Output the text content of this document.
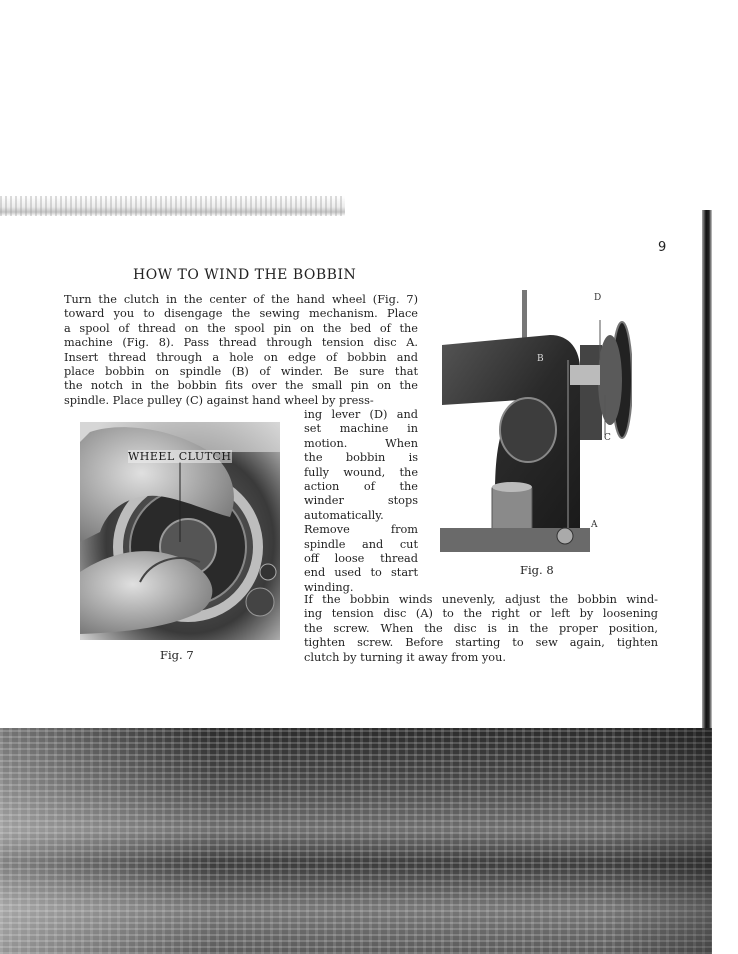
9
HOW TO WIND THE BOBBIN
Turn the clutch in the center of the hand wheel (Fig. 7)
toward you to disengage the sewing mechanism. Place
a spool of thread on the spool pin on the bed of the
machine (Fig. 8). Pass thread through tension disc A.
Insert thread through a hole on edge of bobbin and
place bobbin on spindle (B) of winder. Be sure that
the notch in the bobbin fits over the small pin on the
spindle. Place pulley (C) against hand wheel by press-
ing lever (D) and
set machine in
motion. When
the bobbin is
fully wound, the
action of the
winder stops
automatically.
Remove from
spindle and cut
off loose thread
end used to start
winding.
If the bobbin winds unevenly, adjust the bobbin wind-
ing tension disc (A) to the right or left by loosening
the screw. When the disc is in the proper position,
tighten screw. Before starting to sew again, tighten
clutch by turning it away from you.
WHEEL CLUTCH
Fig. 7
D
B
C
A
Fig. 8
